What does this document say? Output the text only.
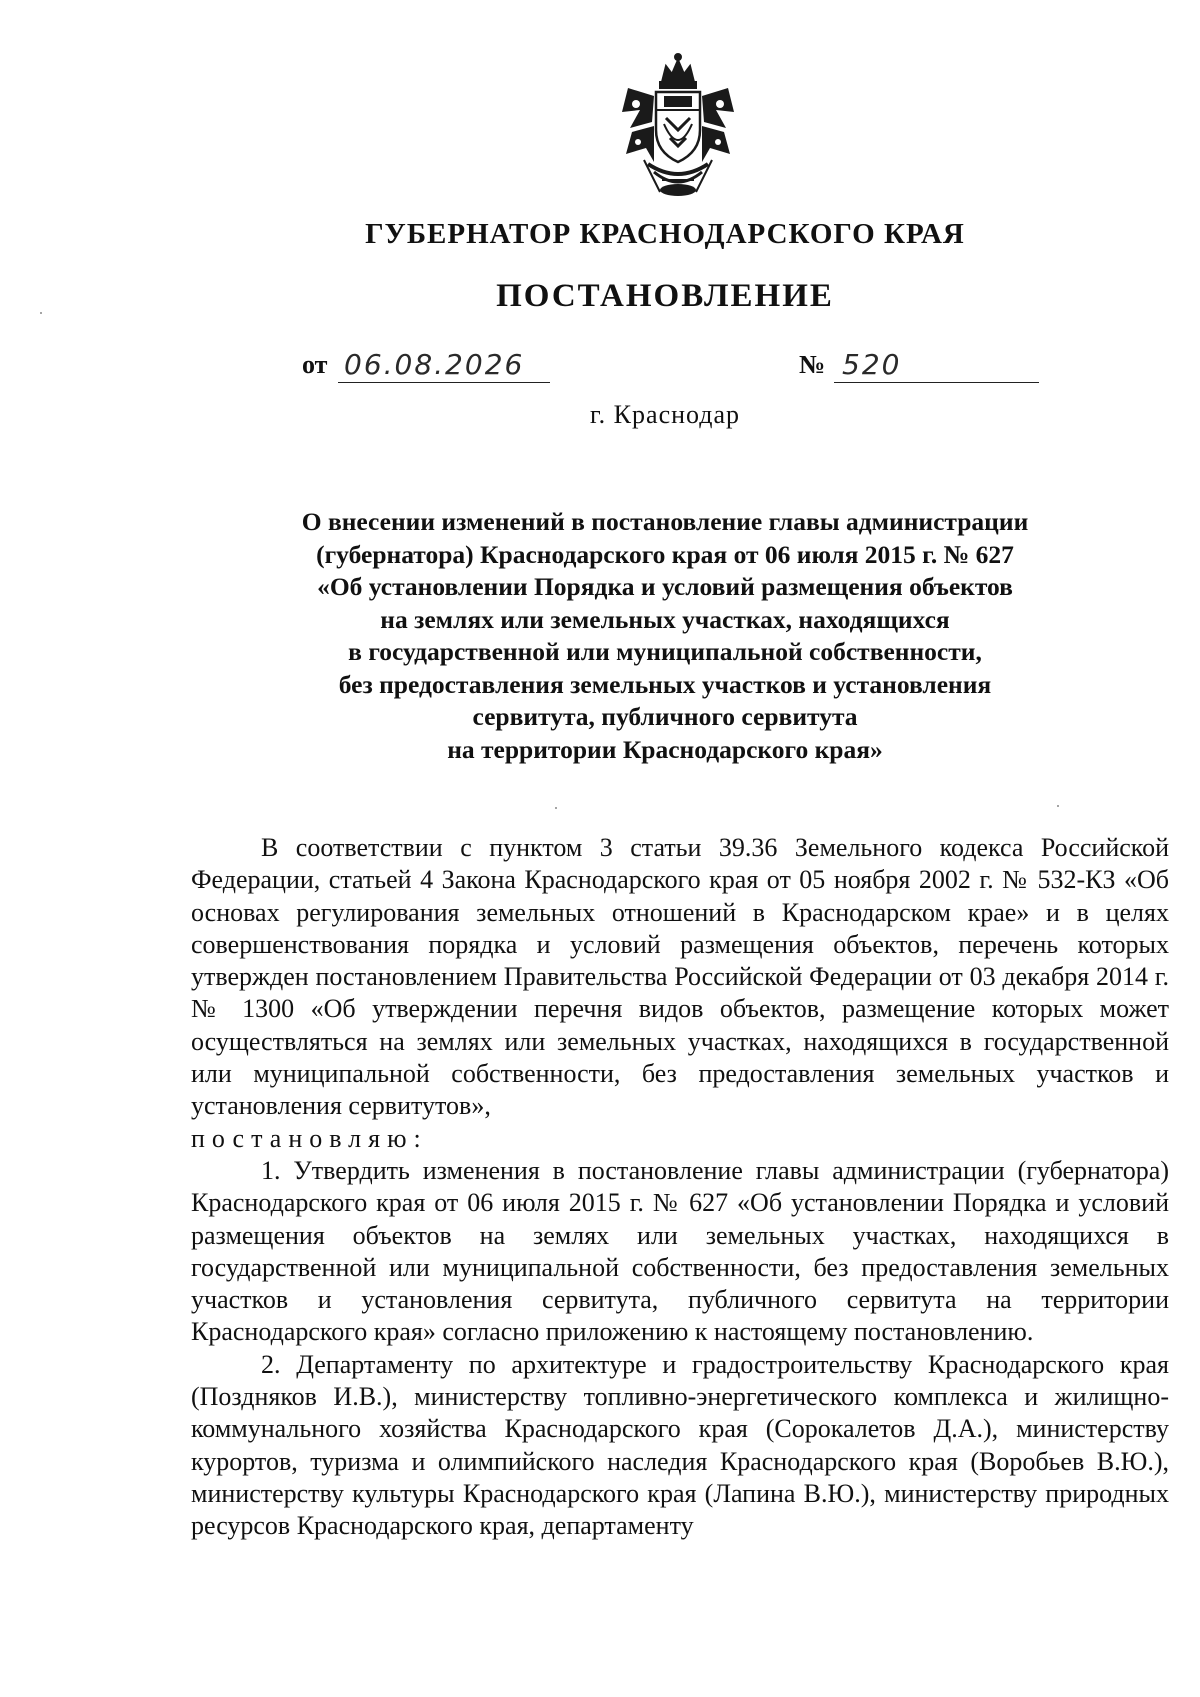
ГУБЕРНАТОР КРАСНОДАРСКОГО КРАЯ
ПОСТАНОВЛЕНИЕ
от 06.08.2026	№ 520
г. Краснодар
О внесении изменений в постановление главы администрации
(губернатора) Краснодарского края от 06 июля 2015 г. № 627
«Об установлении Порядка и условий размещения объектов
на землях или земельных участках, находящихся
в государственной или муниципальной собственности,
без предоставления земельных участков и установления
сервитута, публичного сервитута
на территории Краснодарского края»

В соответствии с пунктом 3 статьи 39.36 Земельного кодекса Российской Федерации, статьей 4 Закона Краснодарского края от 05 ноября 2002 г. № 532-КЗ «Об основах регулирования земельных отношений в Краснодарском крае» и в целях совершенствования порядка и условий размещения объектов, перечень которых утвержден постановлением Правительства Российской Федерации от 03 декабря 2014 г. № 1300 «Об утверждении перечня видов объектов, размещение которых может осуществляться на землях или земельных участках, находящихся в государственной или муниципальной собственности, без предоставления земельных участков и установления сервитутов»,

постановляю:

1. Утвердить изменения в постановление главы администрации (губернатора) Краснодарского края от 06 июля 2015 г. № 627 «Об установлении Порядка и условий размещения объектов на землях или земельных участках, находящихся в государственной или муниципальной собственности, без предоставления земельных участков и установления сервитута, публичного сервитута на территории Краснодарского края» согласно приложению к настоящему постановлению.

2. Департаменту по архитектуре и градостроительству Краснодарского края (Поздняков И.В.), министерству топливно-энергетического комплекса и жилищно-коммунального хозяйства Краснодарского края (Сорокалетов Д.А.), министерству курортов, туризма и олимпийского наследия Краснодарского края (Воробьев В.Ю.), министерству культуры Краснодарского края (Лапина В.Ю.), министерству природных ресурсов Краснодарского края, департаменту
